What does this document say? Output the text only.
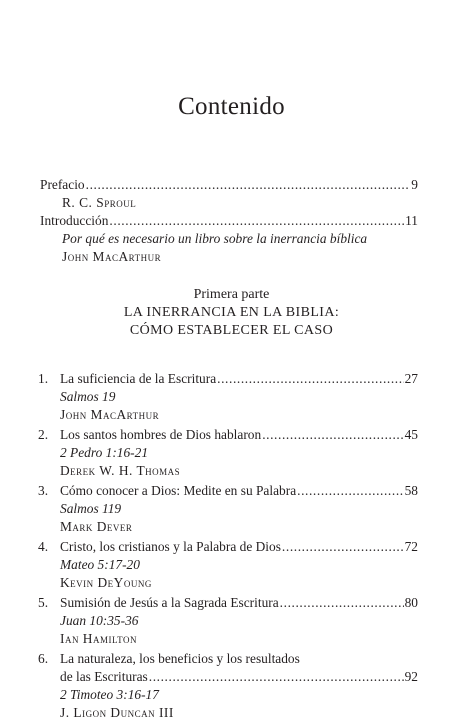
Contenido
Prefacio .....	9
R. C. Sproul
Introducción .....	11
Por qué es necesario un libro sobre la inerrancia bíblica
John MacArthur
Primera parte
LA INERRANCIA EN LA BIBLIA:
CÓMO ESTABLECER EL CASO
1. La suficiencia de la Escritura .....	27
Salmos 19
John MacArthur
2. Los santos hombres de Dios hablaron .....	45
2 Pedro 1:16-21
Derek W. H. Thomas
3. Cómo conocer a Dios: Medite en su Palabra .....	58
Salmos 119
Mark Dever
4. Cristo, los cristianos y la Palabra de Dios .....	72
Mateo 5:17-20
Kevin DeYoung
5. Sumisión de Jesús a la Sagrada Escritura .....	80
Juan 10:35-36
Ian Hamilton
6. La naturaleza, los beneficios y los resultados
de las Escrituras .....	92
2 Timoteo 3:16-17
J. Ligon Duncan III
